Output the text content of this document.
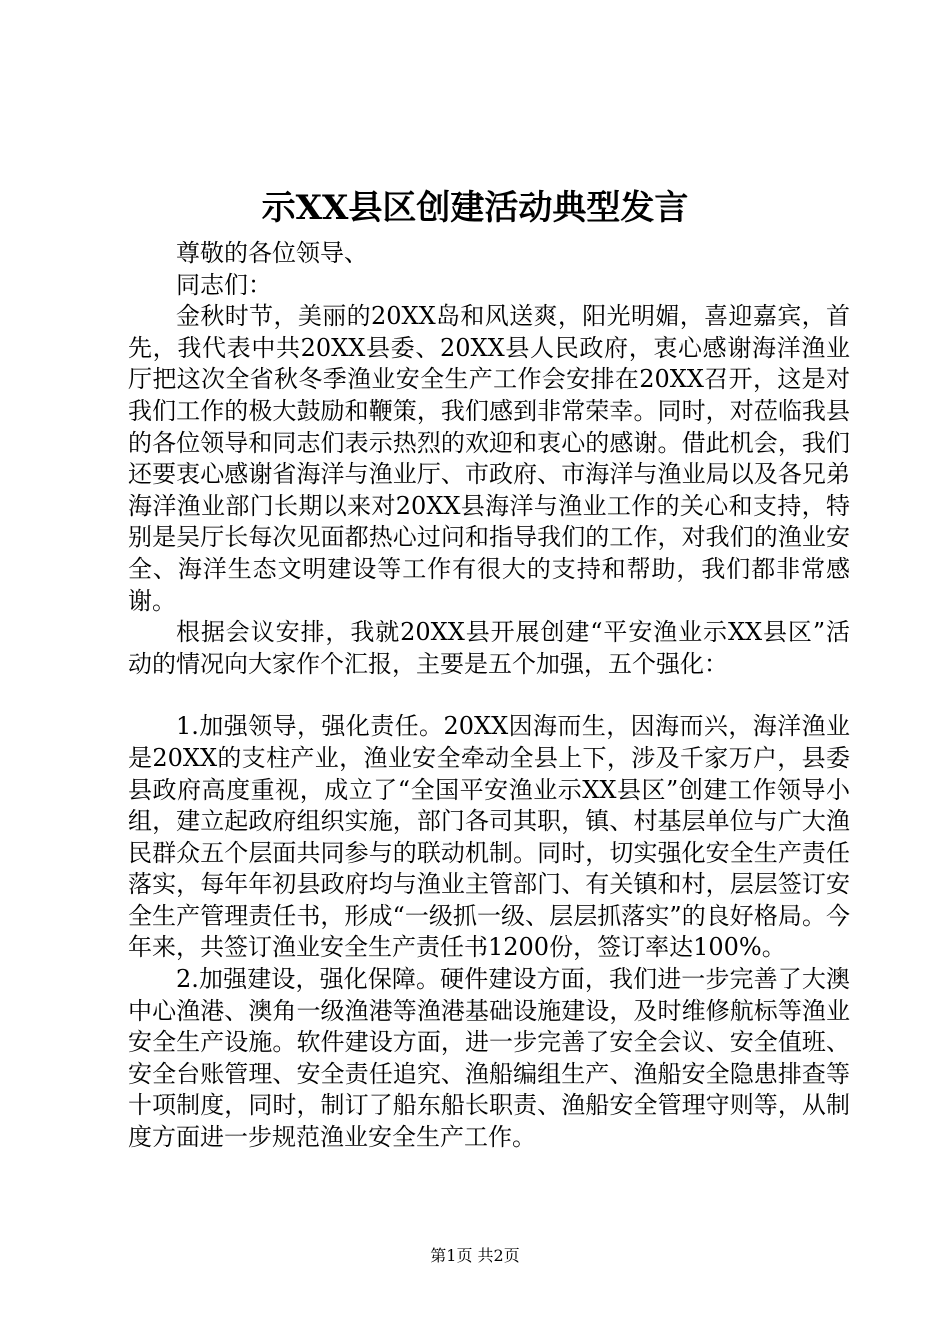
示XX县区创建活动典型发言

尊敬的各位领导、

同志们：

金秋时节，美丽的20XX岛和风送爽，阳光明媚，喜迎嘉宾，首先，我代表中共20XX县委、20XX县人民政府，衷心感谢海洋渔业厅把这次全省秋冬季渔业安全生产工作会安排在20XX召开，这是对我们工作的极大鼓励和鞭策，我们感到非常荣幸。同时，对莅临我县的各位领导和同志们表示热烈的欢迎和衷心的感谢。借此机会，我们还要衷心感谢省海洋与渔业厅、市政府、市海洋与渔业局以及各兄弟海洋渔业部门长期以来对20XX县海洋与渔业工作的关心和支持，特别是吴厅长每次见面都热心过问和指导我们的工作，对我们的渔业安全、海洋生态文明建设等工作有很大的支持和帮助，我们都非常感谢。

根据会议安排，我就20XX县开展创建“平安渔业示XX县区”活动的情况向大家作个汇报，主要是五个加强，五个强化：

1.加强领导，强化责任。20XX因海而生，因海而兴，海洋渔业是20XX的支柱产业，渔业安全牵动全县上下，涉及千家万户，县委县政府高度重视，成立了“全国平安渔业示XX县区”创建工作领导小组，建立起政府组织实施，部门各司其职，镇、村基层单位与广大渔民群众五个层面共同参与的联动机制。同时，切实强化安全生产责任落实，每年年初县政府均与渔业主管部门、有关镇和村，层层签订安全生产管理责任书，形成“一级抓一级、层层抓落实”的良好格局。今年来，共签订渔业安全生产责任书1200份，签订率达100%。

2.加强建设，强化保障。硬件建设方面，我们进一步完善了大澳中心渔港、澳角一级渔港等渔港基础设施建设，及时维修航标等渔业安全生产设施。软件建设方面，进一步完善了安全会议、安全值班、安全台账管理、安全责任追究、渔船编组生产、渔船安全隐患排查等十项制度，同时，制订了船东船长职责、渔船安全管理守则等，从制度方面进一步规范渔业安全生产工作。

第1页 共2页
